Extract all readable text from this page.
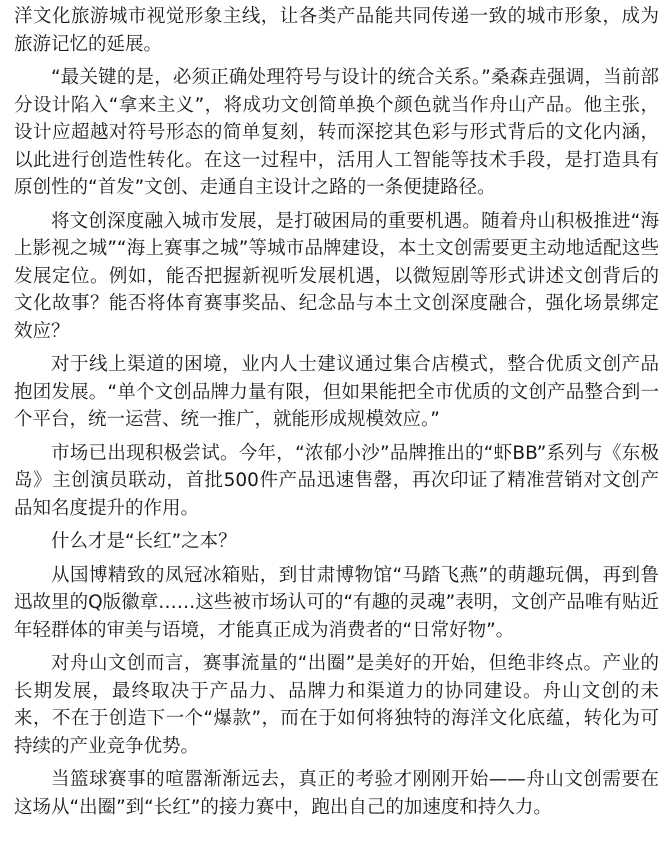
洋文化旅游城市视觉形象主线，让各类产品能共同传递一致的城市形象，成为旅游记忆的延展。

“最关键的是，必须正确处理符号与设计的统合关系。”桑森垚强调，当前部分设计陷入“拿来主义”，将成功文创简单换个颜色就当作舟山产品。他主张，设计应超越对符号形态的简单复刻，转而深挖其色彩与形式背后的文化内涵，以此进行创造性转化。在这一过程中，活用人工智能等技术手段，是打造具有原创性的“首发”文创、走通自主设计之路的一条便捷路径。

将文创深度融入城市发展，是打破困局的重要机遇。随着舟山积极推进“海上影视之城”“海上赛事之城”等城市品牌建设，本土文创需要更主动地适配这些发展定位。例如，能否把握新视听发展机遇，以微短剧等形式讲述文创背后的文化故事？能否将体育赛事奖品、纪念品与本土文创深度融合，强化场景绑定效应？

对于线上渠道的困境，业内人士建议通过集合店模式，整合优质文创产品抱团发展。“单个文创品牌力量有限，但如果能把全市优质的文创产品整合到一个平台，统一运营、统一推广，就能形成规模效应。”

市场已出现积极尝试。今年，“浓郁小沙”品牌推出的“虾BB”系列与《东极岛》主创演员联动，首批500件产品迅速售罄，再次印证了精准营销对文创产品知名度提升的作用。

什么才是“长红”之本？

从国博精致的凤冠冰箱贴，到甘肃博物馆“马踏飞燕”的萌趣玩偶，再到鲁迅故里的Q版徽章……这些被市场认可的“有趣的灵魂”表明，文创产品唯有贴近年轻群体的审美与语境，才能真正成为消费者的“日常好物”。

对舟山文创而言，赛事流量的“出圈”是美好的开始，但绝非终点。产业的长期发展，最终取决于产品力、品牌力和渠道力的协同建设。舟山文创的未来，不在于创造下一个“爆款”，而在于如何将独特的海洋文化底蕴，转化为可持续的产业竞争优势。

当篮球赛事的喧嚣渐渐远去，真正的考验才刚刚开始——舟山文创需要在这场从“出圈”到“长红”的接力赛中，跑出自己的加速度和持久力。
